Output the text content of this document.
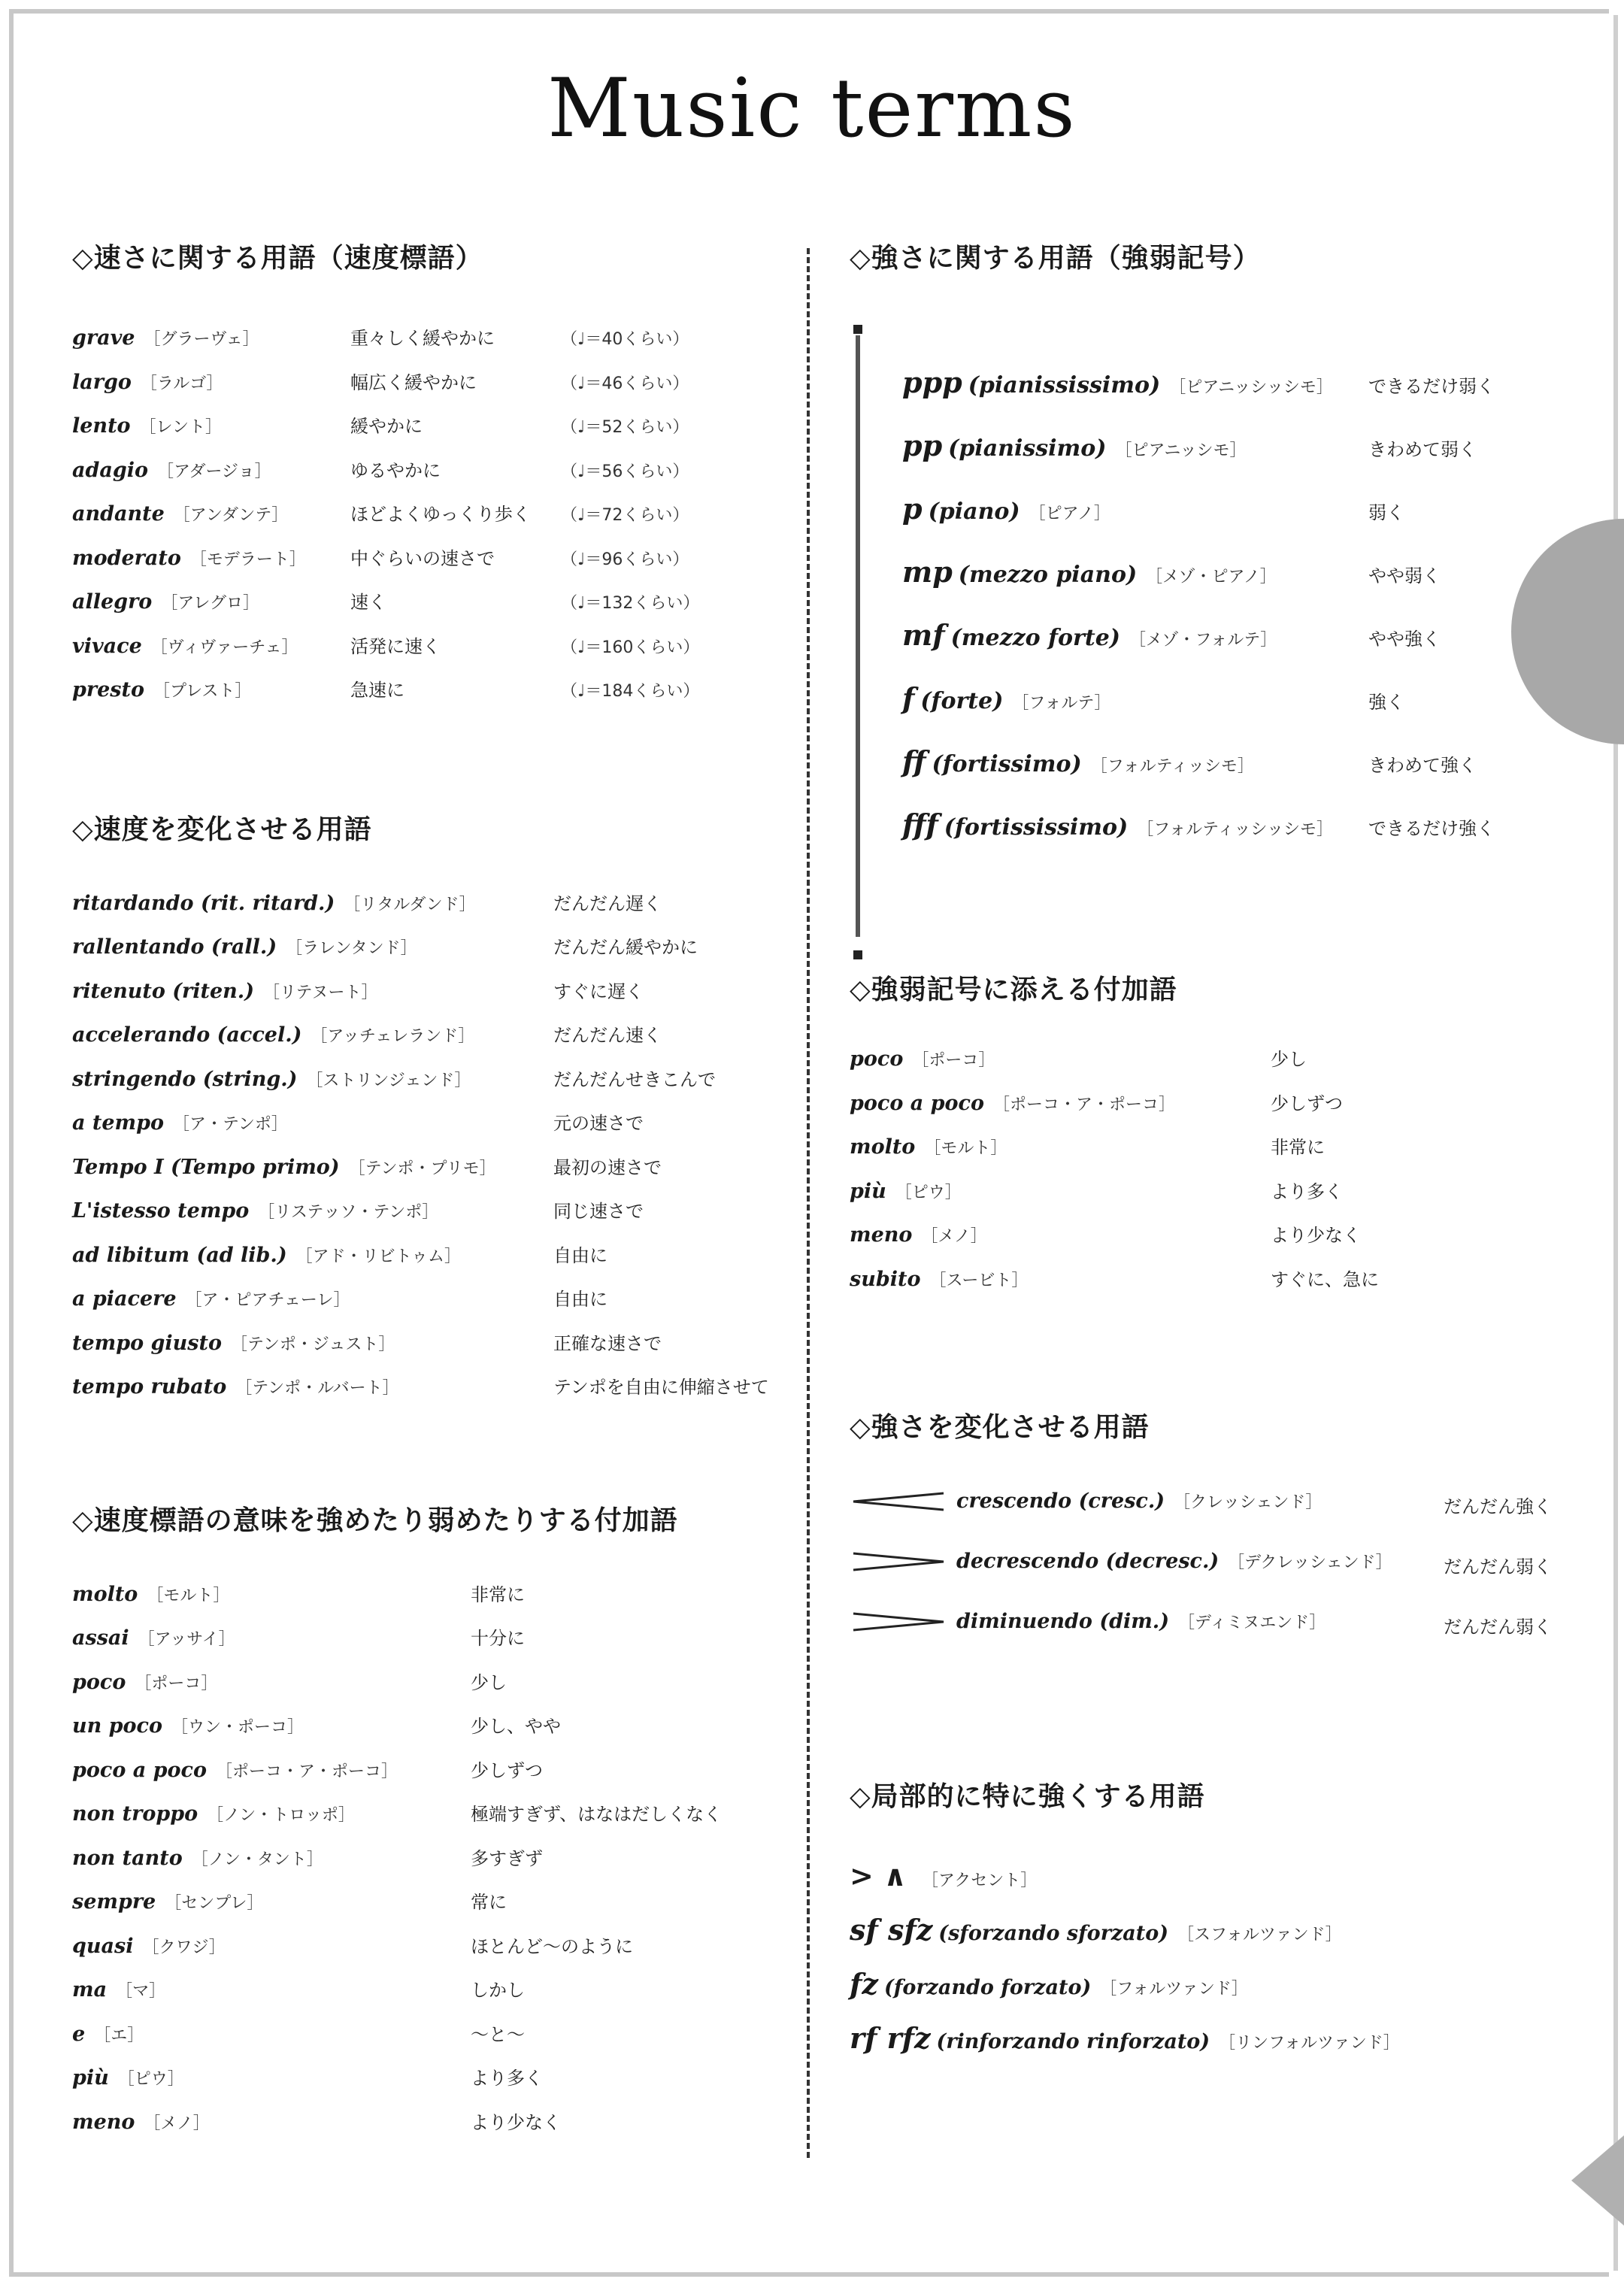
Music terms
◇速さに関する用語（速度標語）
grave ［グラーヴェ］	重々しく緩やかに	（♩＝40くらい）
largo ［ラルゴ］	幅広く緩やかに	（♩＝46くらい）
lento ［レント］	緩やかに	（♩＝52くらい）
adagio ［アダージョ］	ゆるやかに	（♩＝56くらい）
andante ［アンダンテ］	ほどよくゆっくり歩く	（♩＝72くらい）
moderato ［モデラート］	中ぐらいの速さで	（♩＝96くらい）
allegro ［アレグロ］	速く	（♩＝132くらい）
vivace ［ヴィヴァーチェ］	活発に速く	（♩＝160くらい）
presto ［プレスト］	急速に	（♩＝184くらい）
◇速度を変化させる用語
ritardando (rit. ritard.) ［リタルダンド］	だんだん遅く
rallentando (rall.) ［ラレンタンド］	だんだん緩やかに
ritenuto (riten.) ［リテヌート］	すぐに遅く
accelerando (accel.) ［アッチェレランド］	だんだん速く
stringendo (string.) ［ストリンジェンド］	だんだんせきこんで
a tempo ［ア・テンポ］	元の速さで
Tempo I (Tempo primo) ［テンポ・プリモ］	最初の速さで
L'istesso tempo ［リステッソ・テンポ］	同じ速さで
ad libitum (ad lib.) ［アド・リビトゥム］	自由に
a piacere ［ア・ピアチェーレ］	自由に
tempo giusto ［テンポ・ジュスト］	正確な速さで
tempo rubato ［テンポ・ルバート］	テンポを自由に伸縮させて
◇速度標語の意味を強めたり弱めたりする付加語
molto ［モルト］	非常に
assai ［アッサイ］	十分に
poco ［ポーコ］	少し
un poco ［ウン・ポーコ］	少し、やや
poco a poco ［ポーコ・ア・ポーコ］	少しずつ
non troppo ［ノン・トロッポ］	極端すぎず、はなはだしくなく
non tanto ［ノン・タント］	多すぎず
sempre ［センプレ］	常に
quasi ［クワジ］	ほとんど〜のように
ma ［マ］	しかし
e ［エ］	〜と〜
più ［ピウ］	より多く
meno ［メノ］	より少なく
◇強さに関する用語（強弱記号）
ppp (pianississimo) ［ピアニッシッシモ］	できるだけ弱く
pp (pianissimo) ［ピアニッシモ］	きわめて弱く
p (piano) ［ピアノ］	弱く
mp (mezzo piano) ［メゾ・ピアノ］	やや弱く
mf (mezzo forte) ［メゾ・フォルテ］	やや強く
f (forte) ［フォルテ］	強く
ff (fortissimo) ［フォルティッシモ］	きわめて強く
fff (fortississimo) ［フォルティッシッシモ］	できるだけ強く
◇強弱記号に添える付加語
poco ［ポーコ］	少し
poco a poco ［ポーコ・ア・ポーコ］	少しずつ
molto ［モルト］	非常に
più ［ピウ］	より多く
meno ［メノ］	より少なく
subito ［スービト］	すぐに、急に
◇強さを変化させる用語
crescendo (cresc.) ［クレッシェンド］	だんだん強く
decrescendo (decresc.) ［デクレッシェンド］	だんだん弱く
diminuendo (dim.) ［ディミヌエンド］	だんだん弱く
◇局部的に特に強くする用語
> ∧ ［アクセント］
sf sfz (sforzando sforzato) ［スフォルツァンド］
fz (forzando forzato) ［フォルツァンド］
rf rfz (rinforzando rinforzato) ［リンフォルツァンド］
